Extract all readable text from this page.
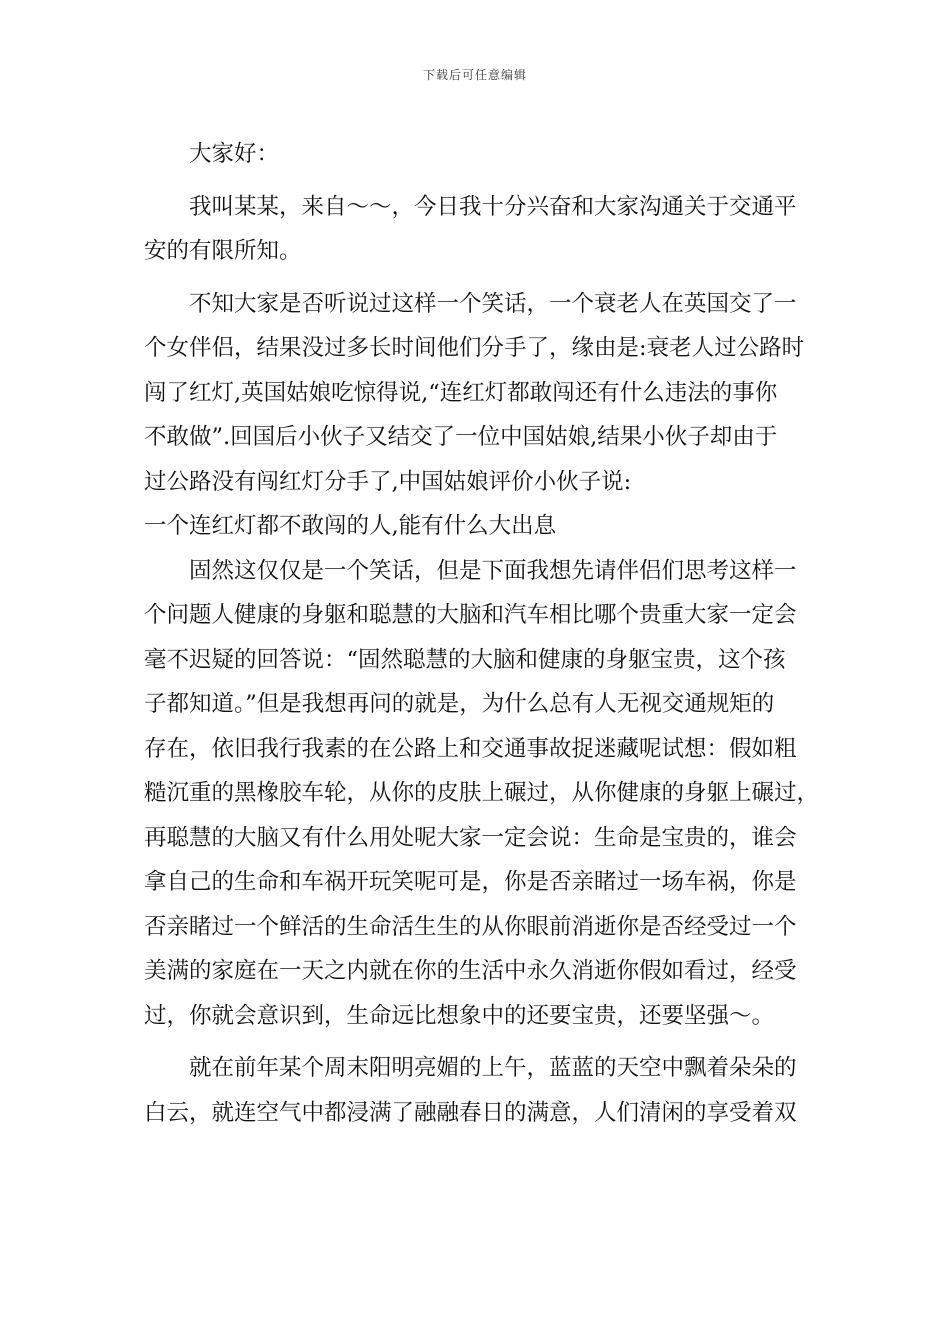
下载后可任意编辑
大家好：
我叫某某，来自～～，今日我十分兴奋和大家沟通关于交通平
安的有限所知。
不知大家是否听说过这样一个笑话，一个衰老人在英国交了一
个女伴侣，结果没过多长时间他们分手了，缘由是:衰老人过公路时
闯了红灯,英国姑娘吃惊得说,“连红灯都敢闯还有什么违法的事你
不敢做”.回国后小伙子又结交了一位中国姑娘,结果小伙子却由于
过公路没有闯红灯分手了,中国姑娘评价小伙子说:
一个连红灯都不敢闯的人,能有什么大出息
固然这仅仅是一个笑话，但是下面我想先请伴侣们思考这样一
个问题人健康的身躯和聪慧的大脑和汽车相比哪个贵重大家一定会
毫不迟疑的回答说：“固然聪慧的大脑和健康的身躯宝贵，这个孩
子都知道。”但是我想再问的就是，为什么总有人无视交通规矩的
存在，依旧我行我素的在公路上和交通事故捉迷藏呢试想：假如粗
糙沉重的黑橡胶车轮，从你的皮肤上碾过，从你健康的身躯上碾过，
再聪慧的大脑又有什么用处呢大家一定会说：生命是宝贵的，谁会
拿自己的生命和车祸开玩笑呢可是，你是否亲睹过一场车祸，你是
否亲睹过一个鲜活的生命活生生的从你眼前消逝你是否经受过一个
美满的家庭在一天之内就在你的生活中永久消逝你假如看过，经受
过，你就会意识到，生命远比想象中的还要宝贵，还要坚强～。
就在前年某个周末阳明亮媚的上午，蓝蓝的天空中飘着朵朵的
白云，就连空气中都浸满了融融春日的满意，人们清闲的享受着双
